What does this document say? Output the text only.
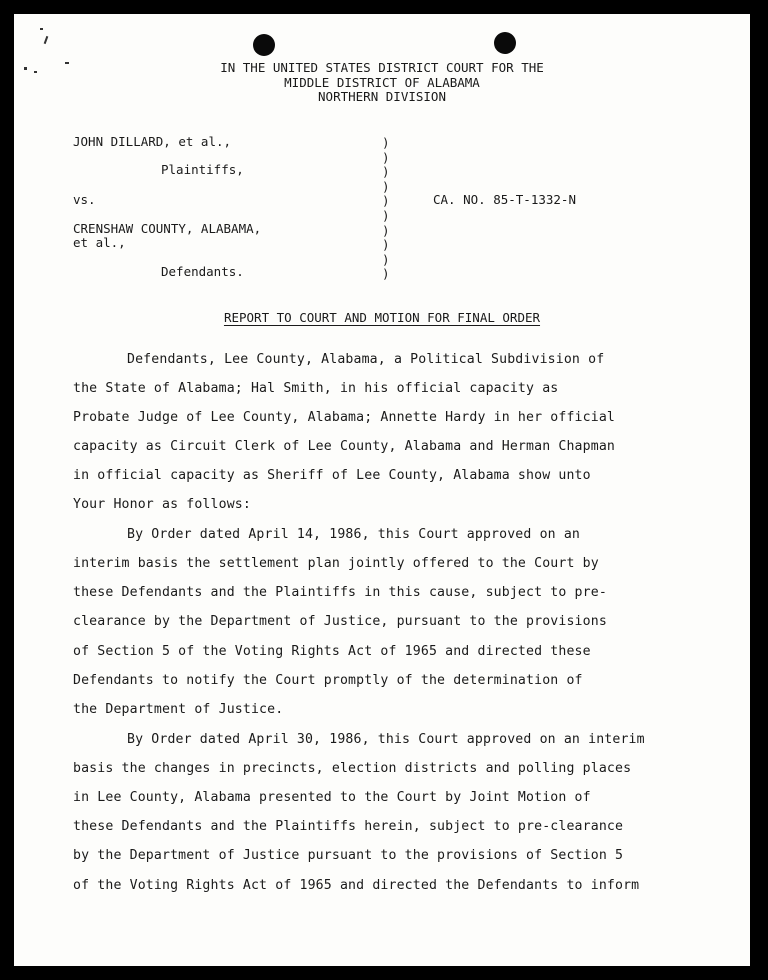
IN THE UNITED STATES DISTRICT COURT FOR THE
MIDDLE DISTRICT OF ALABAMA
NORTHERN DIVISION
JOHN DILLARD, et al.,
Plaintiffs,
vs.
CRENSHAW COUNTY, ALABAMA,
et al.,
Defendants.
)
)
)
)
)
)
)
)
)
)
CA. NO. 85-T-1332-N
REPORT TO COURT AND MOTION FOR FINAL ORDER
Defendants, Lee County, Alabama, a Political Subdivision of
the State of Alabama; Hal Smith, in his official capacity as
Probate Judge of Lee County, Alabama; Annette Hardy in her official
capacity as Circuit Clerk of Lee County, Alabama and Herman Chapman
in official capacity as Sheriff of Lee County, Alabama show unto
Your Honor as follows:
By Order dated April 14, 1986, this Court approved on an
interim basis the settlement plan jointly offered to the Court by
these Defendants and the Plaintiffs in this cause, subject to pre-
clearance by the Department of Justice, pursuant to the provisions
of Section 5 of the Voting Rights Act of 1965 and directed these
Defendants to notify the Court promptly of the determination of
the Department of Justice.
By Order dated April 30, 1986, this Court approved on an interim
basis the changes in precincts, election districts and polling places
in Lee County, Alabama presented to the Court by Joint Motion of
these Defendants and the Plaintiffs herein, subject to pre-clearance
by the Department of Justice pursuant to the provisions of Section 5
of the Voting Rights Act of 1965 and directed the Defendants to inform
